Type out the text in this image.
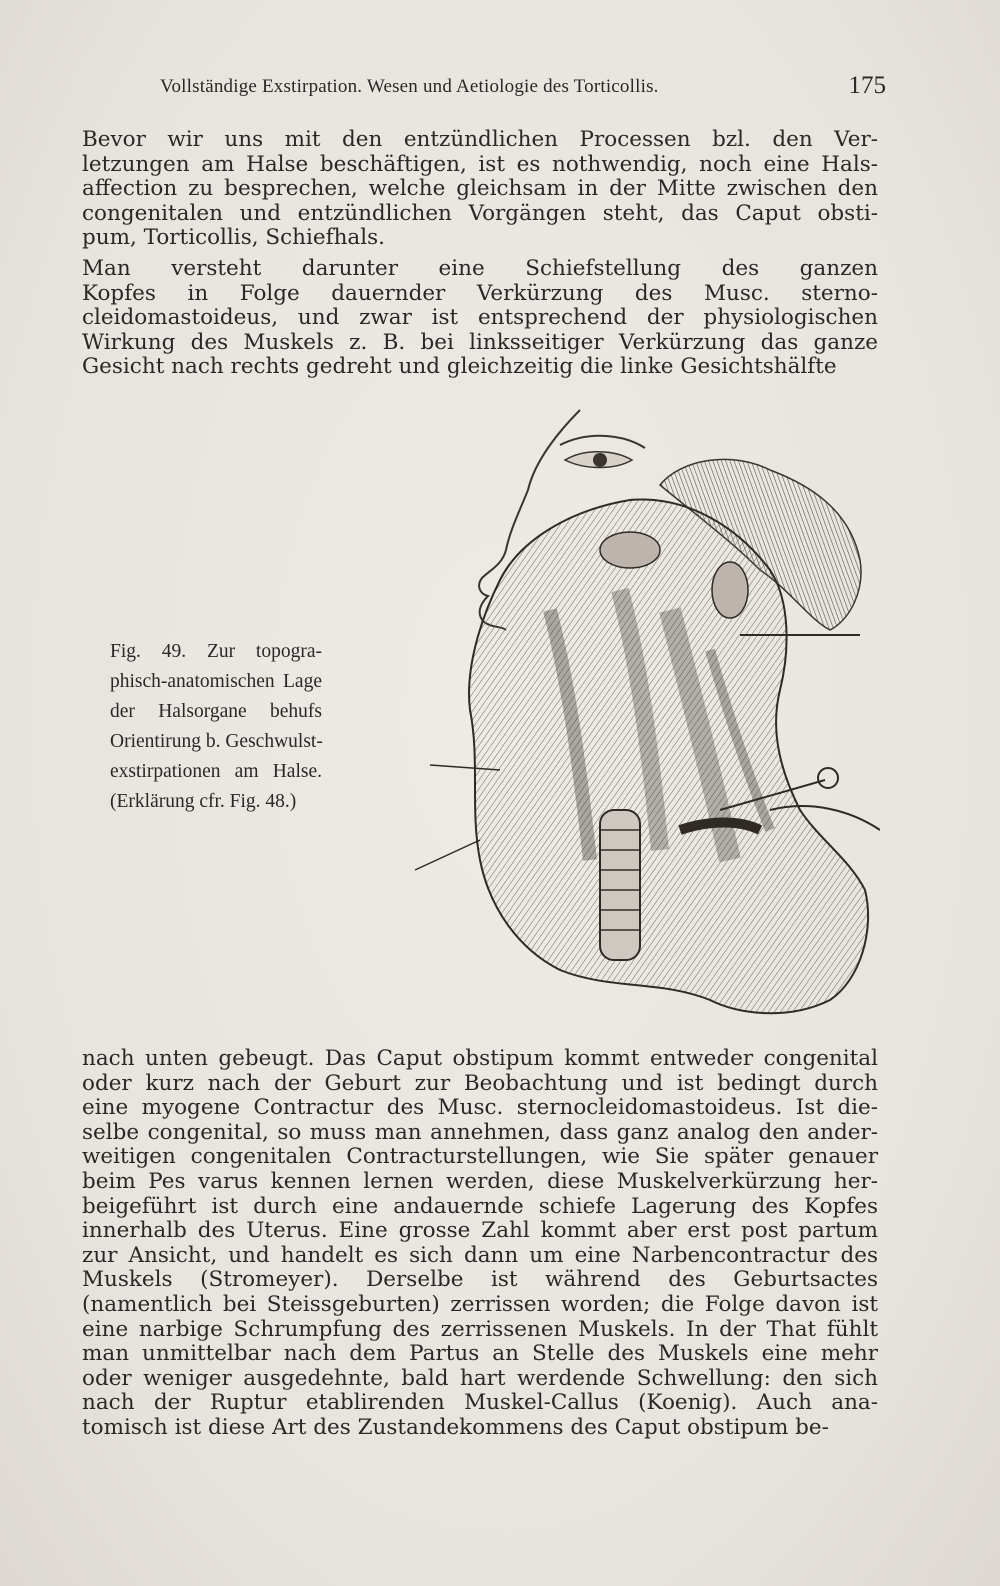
Vollständige Exstirpation. Wesen und Aetiologie des Torticollis.	175
Bevor wir uns mit den entzündlichen Processen bzl. den Ver-
letzungen am Halse beschäftigen, ist es nothwendig, noch eine Hals-
affection zu besprechen, welche gleichsam in der Mitte zwischen den
congenitalen und entzündlichen Vorgängen steht, das Caput obsti-
pum, Torticollis, Schiefhals.
Man versteht darunter eine Schiefstellung des ganzen
Kopfes in Folge dauernder Verkürzung des Musc. sterno-
cleidomastoideus, und zwar ist entsprechend der physiologischen
Wirkung des Muskels z. B. bei linksseitiger Verkürzung das ganze
Gesicht nach rechts gedreht und gleichzeitig die linke Gesichtshälfte
Fig. 49. Zur topogra-
phisch-anatomischen Lage
der Halsorgane behufs
Orientirung b. Geschwulst-
exstirpationen am Halse.
(Erklärung cfr. Fig. 48.)
nach unten gebeugt. Das Caput obstipum kommt entweder congenital
oder kurz nach der Geburt zur Beobachtung und ist bedingt durch
eine myogene Contractur des Musc. sternocleidomastoideus. Ist die-
selbe congenital, so muss man annehmen, dass ganz analog den ander-
weitigen congenitalen Contracturstellungen, wie Sie später genauer
beim Pes varus kennen lernen werden, diese Muskelverkürzung her-
beigeführt ist durch eine andauernde schiefe Lagerung des Kopfes
innerhalb des Uterus. Eine grosse Zahl kommt aber erst post partum
zur Ansicht, und handelt es sich dann um eine Narbencontractur des
Muskels (Stromeyer). Derselbe ist während des Geburtsactes
(namentlich bei Steissgeburten) zerrissen worden; die Folge davon ist
eine narbige Schrumpfung des zerrissenen Muskels. In der That fühlt
man unmittelbar nach dem Partus an Stelle des Muskels eine mehr
oder weniger ausgedehnte, bald hart werdende Schwellung: den sich
nach der Ruptur etablirenden Muskel-Callus (Koenig). Auch ana-
tomisch ist diese Art des Zustandekommens des Caput obstipum be-
